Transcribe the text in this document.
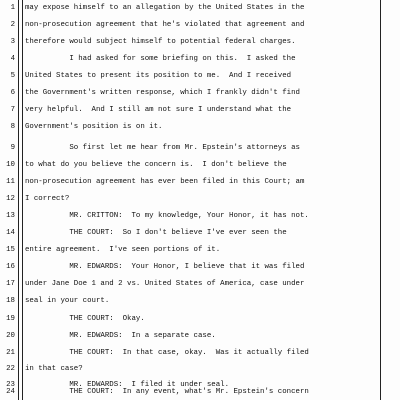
1 may expose himself to an allegation by the United States in the
2 non-prosecution agreement that he's violated that agreement and
3 therefore would subject himself to potential federal charges.
4 I had asked for some briefing on this.  I asked the
5 United States to present its position to me.  And I received
6 the Government's written response, which I frankly didn't find
7 very helpful.  And I still am not sure I understand what the
8 Government's position is on it.
9 So first let me hear from Mr. Epstein's attorneys as
10 to what do you believe the concern is.  I don't believe the
11 non-prosecution agreement has ever been filed in this Court; am
12 I correct?
13 MR. CRITTON:  To my knowledge, Your Honor, it has not.
14 THE COURT:  So I don't believe I've ever seen the
15 entire agreement.  I've seen portions of it.
16 MR. EDWARDS:  Your Honor, I believe that it was filed
17 under Jane Doe 1 and 2 vs. United States of America, case under
18 seal in your court.
19 THE COURT:  Okay.
20 MR. EDWARDS:  In a separate case.
21 THE COURT:  In that case, okay.  Was it actually filed
22 in that case?
23 MR. EDWARDS:  I filed it under seal.
24 THE COURT:  In any event, what's Mr. Epstein's concern
